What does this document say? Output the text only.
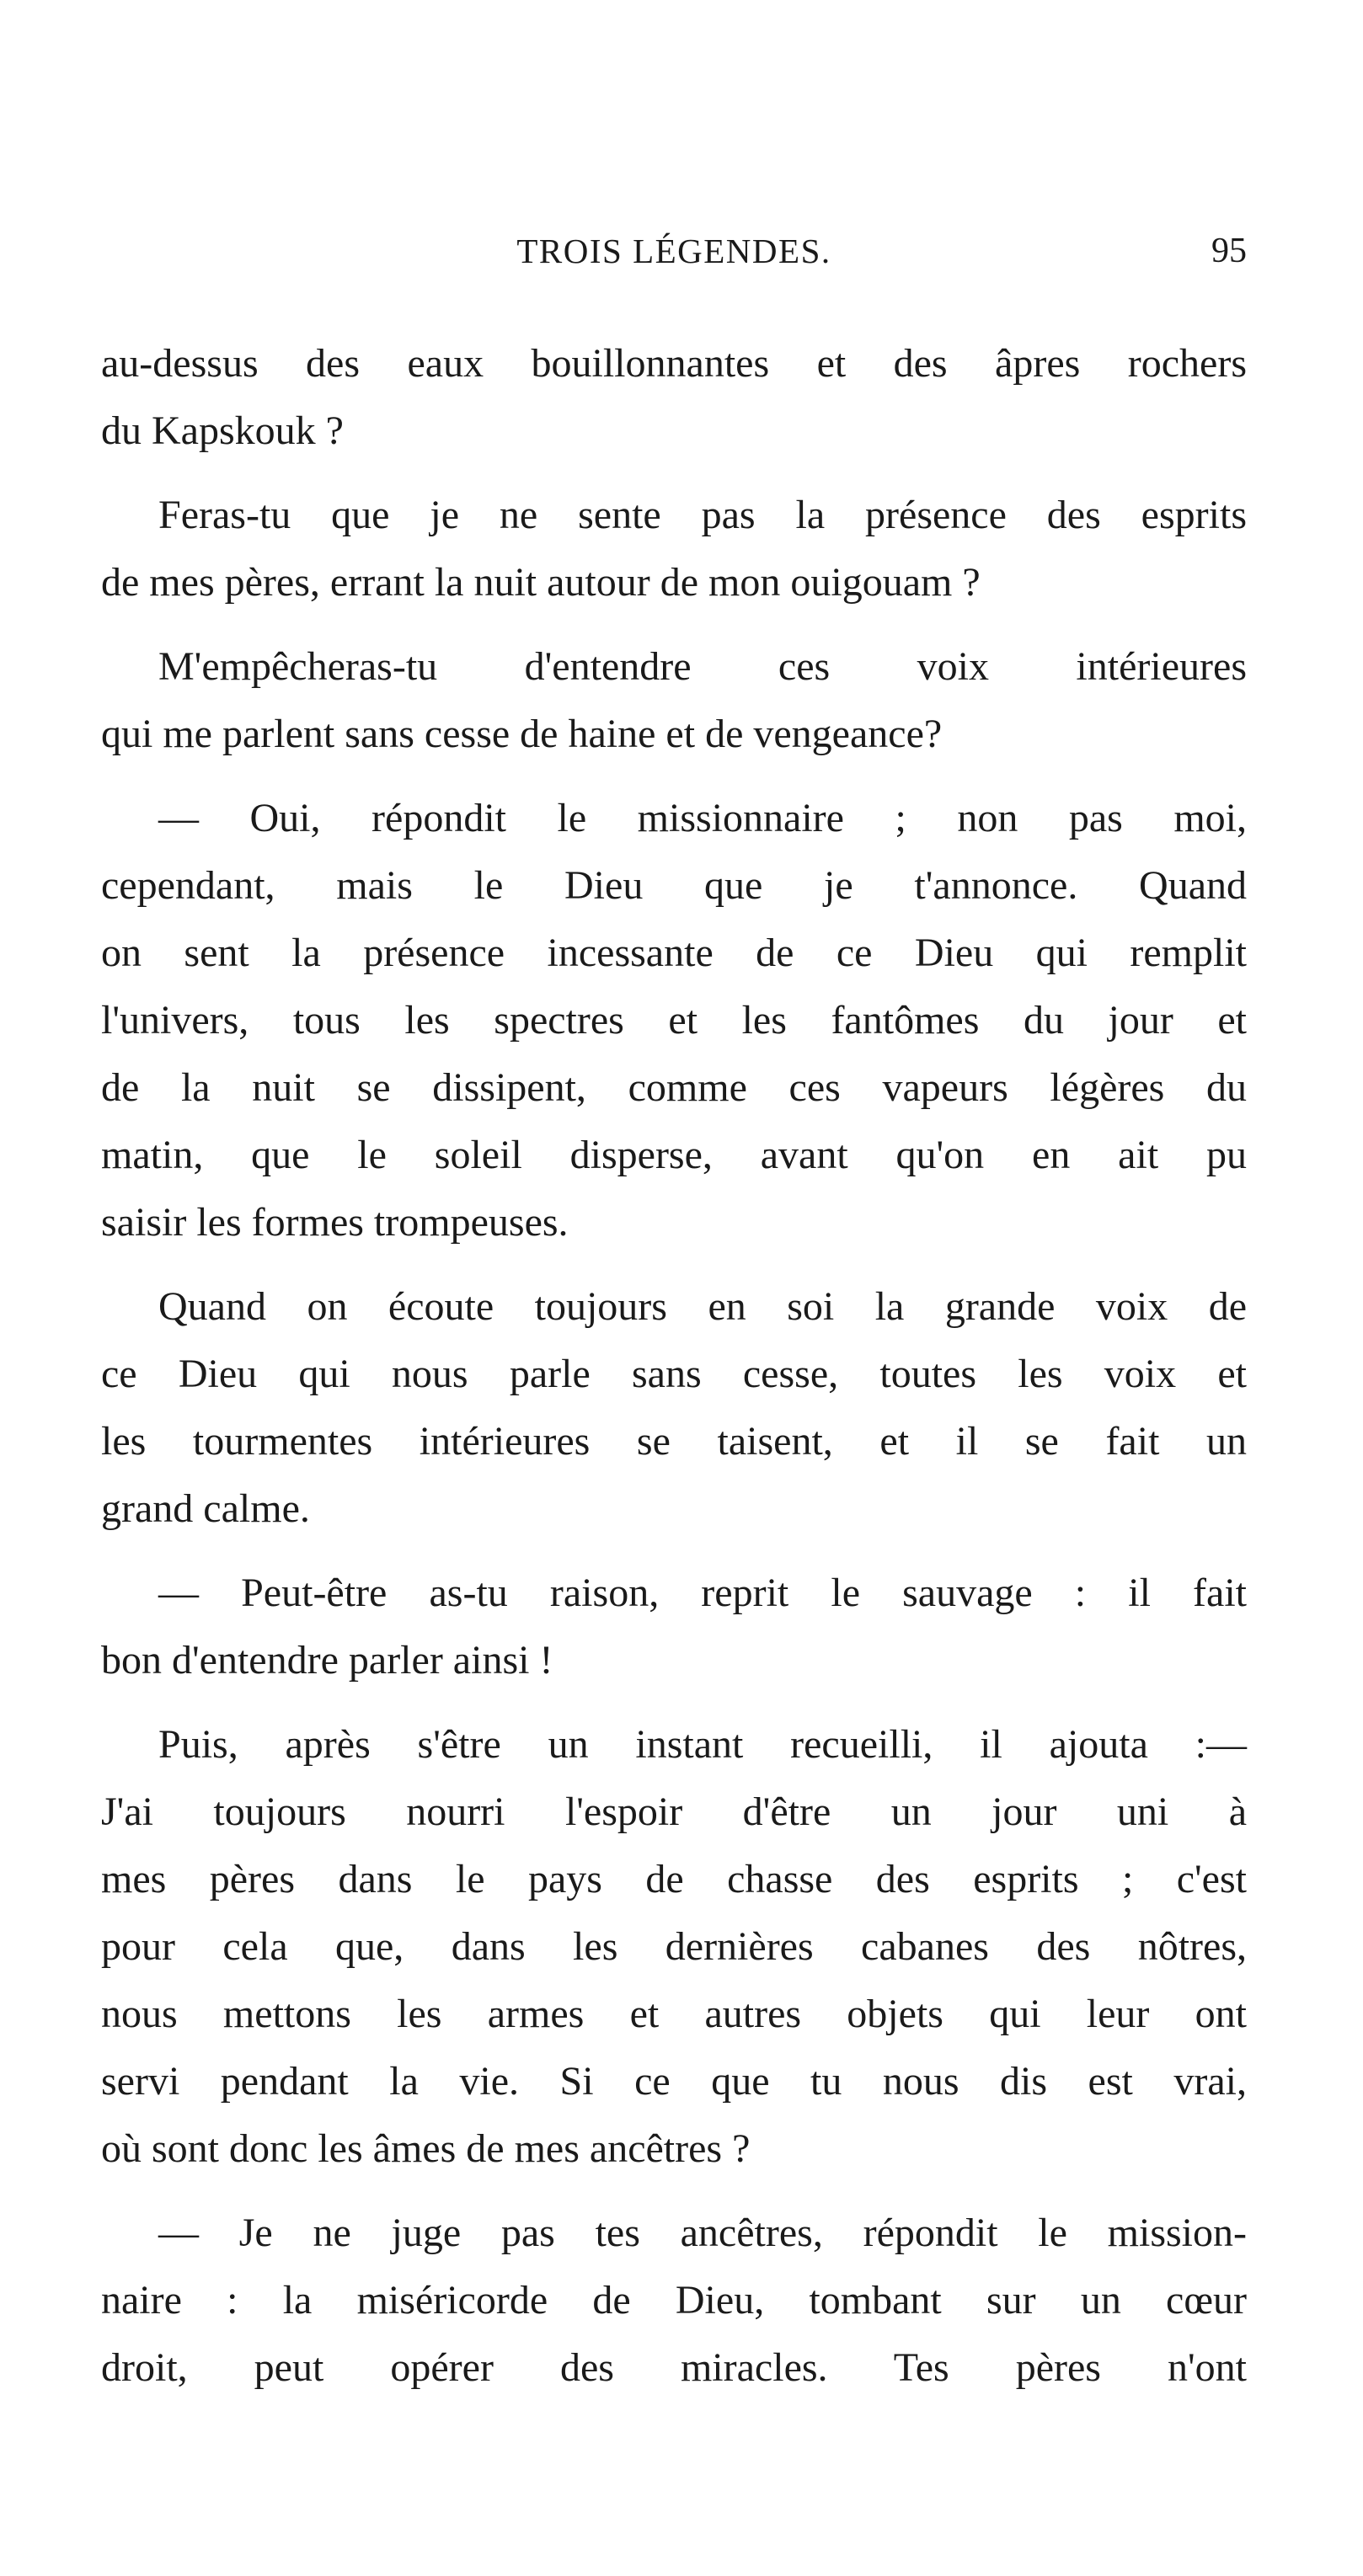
TROIS LÉGENDES.	95

au-dessus des eaux bouillonnantes et des âpres rochers
du Kapskouk ?

Feras-tu que je ne sente pas la présence des esprits
de mes pères, errant la nuit autour de mon ouigouam ?

M'empêcheras-tu d'entendre ces voix intérieures
qui me parlent sans cesse de haine et de vengeance?

— Oui, répondit le missionnaire ; non pas moi,
cependant, mais le Dieu que je t'annonce. Quand
on sent la présence incessante de ce Dieu qui remplit
l'univers, tous les spectres et les fantômes du jour et
de la nuit se dissipent, comme ces vapeurs légères du
matin, que le soleil disperse, avant qu'on en ait pu
saisir les formes trompeuses.

Quand on écoute toujours en soi la grande voix de
ce Dieu qui nous parle sans cesse, toutes les voix et
les tourmentes intérieures se taisent, et il se fait un
grand calme.

— Peut-être as-tu raison, reprit le sauvage : il fait
bon d'entendre parler ainsi !

Puis, après s'être un instant recueilli, il ajouta :—
J'ai toujours nourri l'espoir d'être un jour uni à
mes pères dans le pays de chasse des esprits ; c'est
pour cela que, dans les dernières cabanes des nôtres,
nous mettons les armes et autres objets qui leur ont
servi pendant la vie. Si ce que tu nous dis est vrai,
où sont donc les âmes de mes ancêtres ?

— Je ne juge pas tes ancêtres, répondit le mission-
naire : la miséricorde de Dieu, tombant sur un cœur
droit, peut opérer des miracles. Tes pères n'ont
